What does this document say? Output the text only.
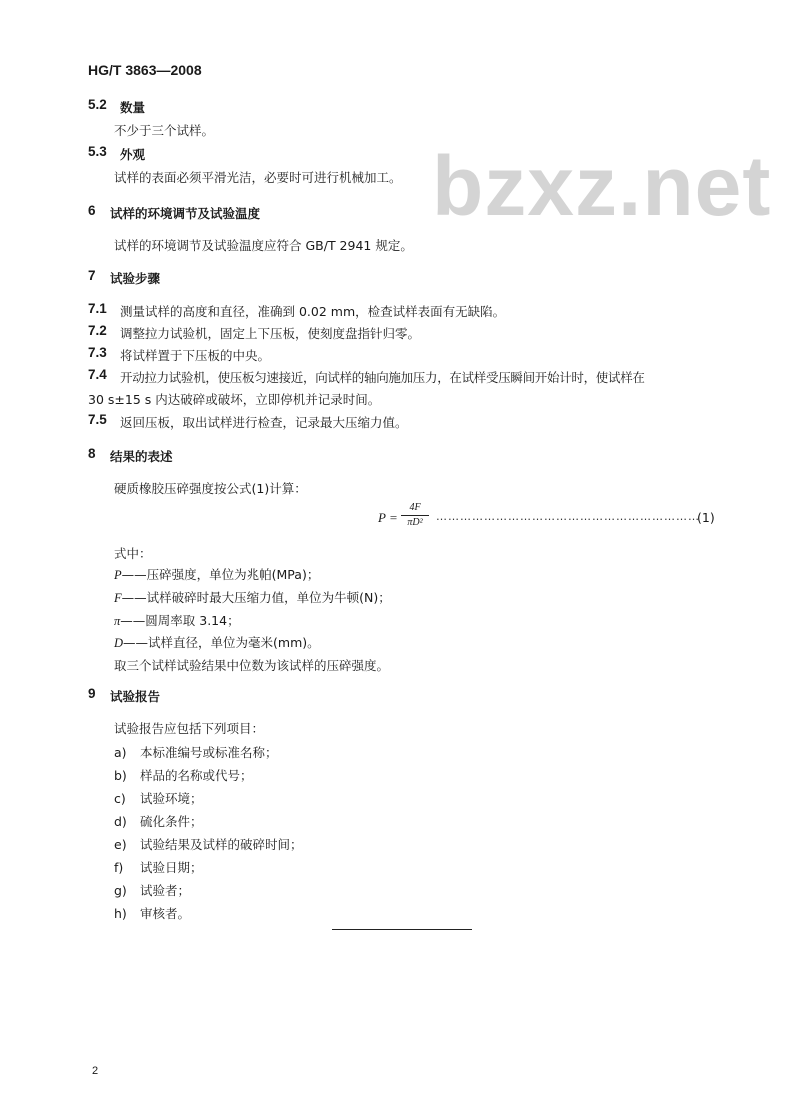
HG/T 3863—2008
bzxz.net
5.2 数量
不少于三个试样。
5.3 外观
试样的表面必须平滑光洁，必要时可进行机械加工。
6 试样的环境调节及试验温度
试样的环境调节及试验温度应符合 GB/T 2941 规定。
7 试验步骤
7.1 测量试样的高度和直径，准确到 0.02 mm，检查试样表面有无缺陷。
7.2 调整拉力试验机，固定上下压板，使刻度盘指针归零。
7.3 将试样置于下压板的中央。
7.4 开动拉力试验机，使压板匀速接近，向试样的轴向施加压力，在试样受压瞬间开始计时，使试样在
30 s±15 s 内达破碎或破坏，立即停机并记录时间。
7.5 返回压板，取出试样进行检查，记录最大压缩力值。
8 结果的表述
硬质橡胶压碎强度按公式(1)计算：
P =
4F
πD²	…………………………………………………………
(1)
式中：
P——压碎强度，单位为兆帕(MPa)；
F——试样破碎时最大压缩力值，单位为牛顿(N)；
π——圆周率取 3.14；
D——试样直径，单位为毫米(mm)。
取三个试样试验结果中位数为该试样的压碎强度。
9 试验报告
试验报告应包括下列项目：
a) 本标准编号或标准名称；
b) 样品的名称或代号；
c) 试验环境；
d) 硫化条件；
e) 试验结果及试样的破碎时间；
f) 试验日期；
g) 试验者；
h) 审核者。
2
